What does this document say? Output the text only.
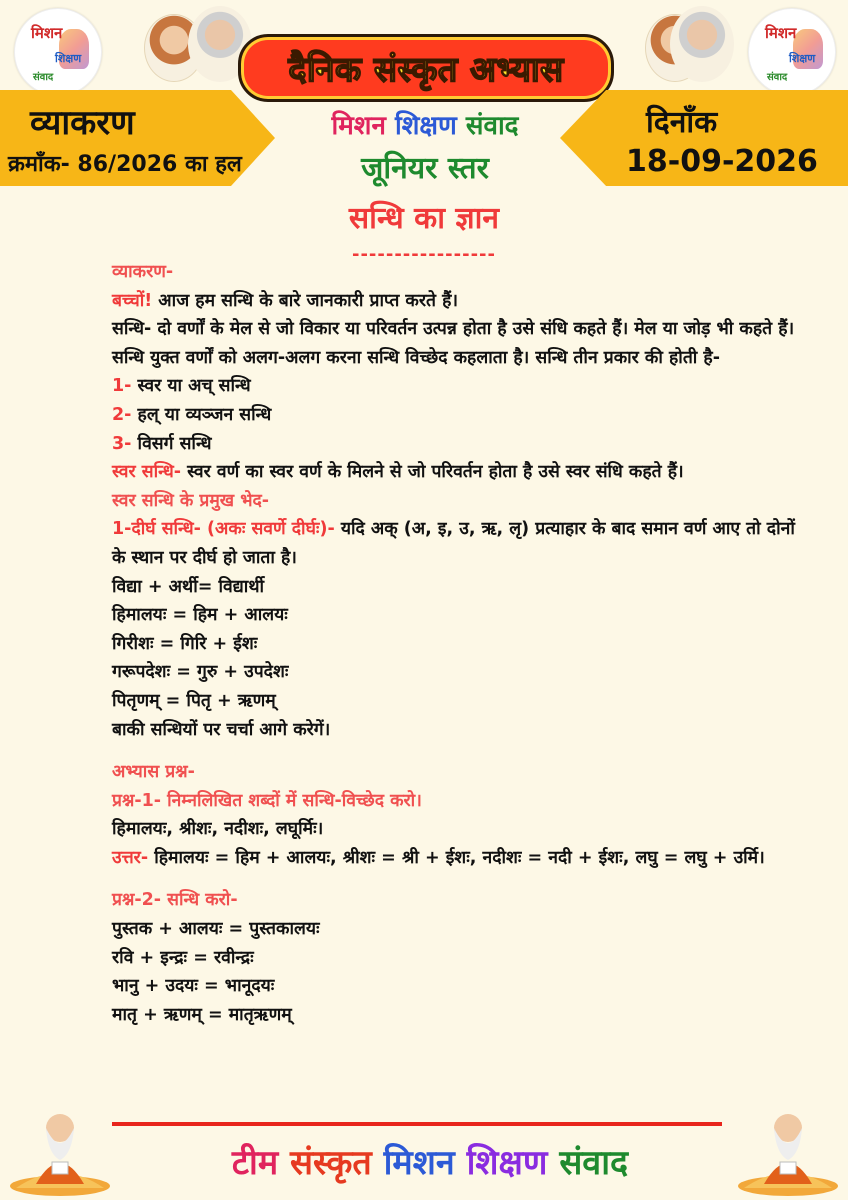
मिशन
शिक्षण
संवाद
मिशन
शिक्षण
संवाद
दैनिक संस्कृत अभ्यास
व्याकरण
क्रमाँक- 86/2026 का हल
दिनाँक
18-09-2026
मिशन शिक्षण संवाद
जूनियर स्तर
सन्धि का ज्ञान
-----------------

व्याकरण-

बच्चों! आज हम सन्धि के बारे जानकारी प्राप्त करते हैं।

सन्धि- दो वर्णों के मेल से जो विकार या परिवर्तन उत्पन्न होता है उसे संधि कहते हैं। मेल या जोड़ भी कहते हैं। सन्धि युक्त वर्णों को अलग-अलग करना सन्धि विच्छेद कहलाता है। सन्धि तीन प्रकार की होती है-

1- स्वर या अच् सन्धि

2- हल् या व्यञ्जन सन्धि

3- विसर्ग सन्धि

स्वर सन्धि- स्वर वर्ण का स्वर वर्ण के मिलने से जो परिवर्तन होता है उसे स्वर संधि कहते हैं।

स्वर सन्धि के प्रमुख भेद-

1-दीर्घ सन्धि- (अकः सवर्णे दीर्घः)- यदि अक् (अ, इ, उ, ऋ, लृ) प्रत्याहार के बाद समान वर्ण आए तो दोनों के स्थान पर दीर्घ हो जाता है।

विद्या + अर्थी= विद्यार्थी

हिमालयः = हिम + आलयः

गिरीशः = गिरि + ईशः

गरूपदेशः = गुरु + उपदेशः

पितृणम् = पितृ + ऋणम्

बाकी सन्धियों पर चर्चा आगे करेगें।

अभ्यास प्रश्न-

प्रश्न-1- निम्नलिखित शब्दों में सन्धि-विच्छेद करो।

हिमालयः, श्रीशः, नदीशः, लघूर्मिः।

उत्तर- हिमालयः = हिम + आलयः, श्रीशः = श्री + ईशः, नदीशः = नदी + ईशः, लघु = लघु + उर्मि।

प्रश्न-2- सन्धि करो-

पुस्तक + आलयः = पुस्तकालयः

रवि + इन्द्रः = रवीन्द्रः

भानु + उदयः = भानूदयः

मातृ + ऋणम् = मातृऋणम्

टीम संस्कृत मिशन शिक्षण संवाद
